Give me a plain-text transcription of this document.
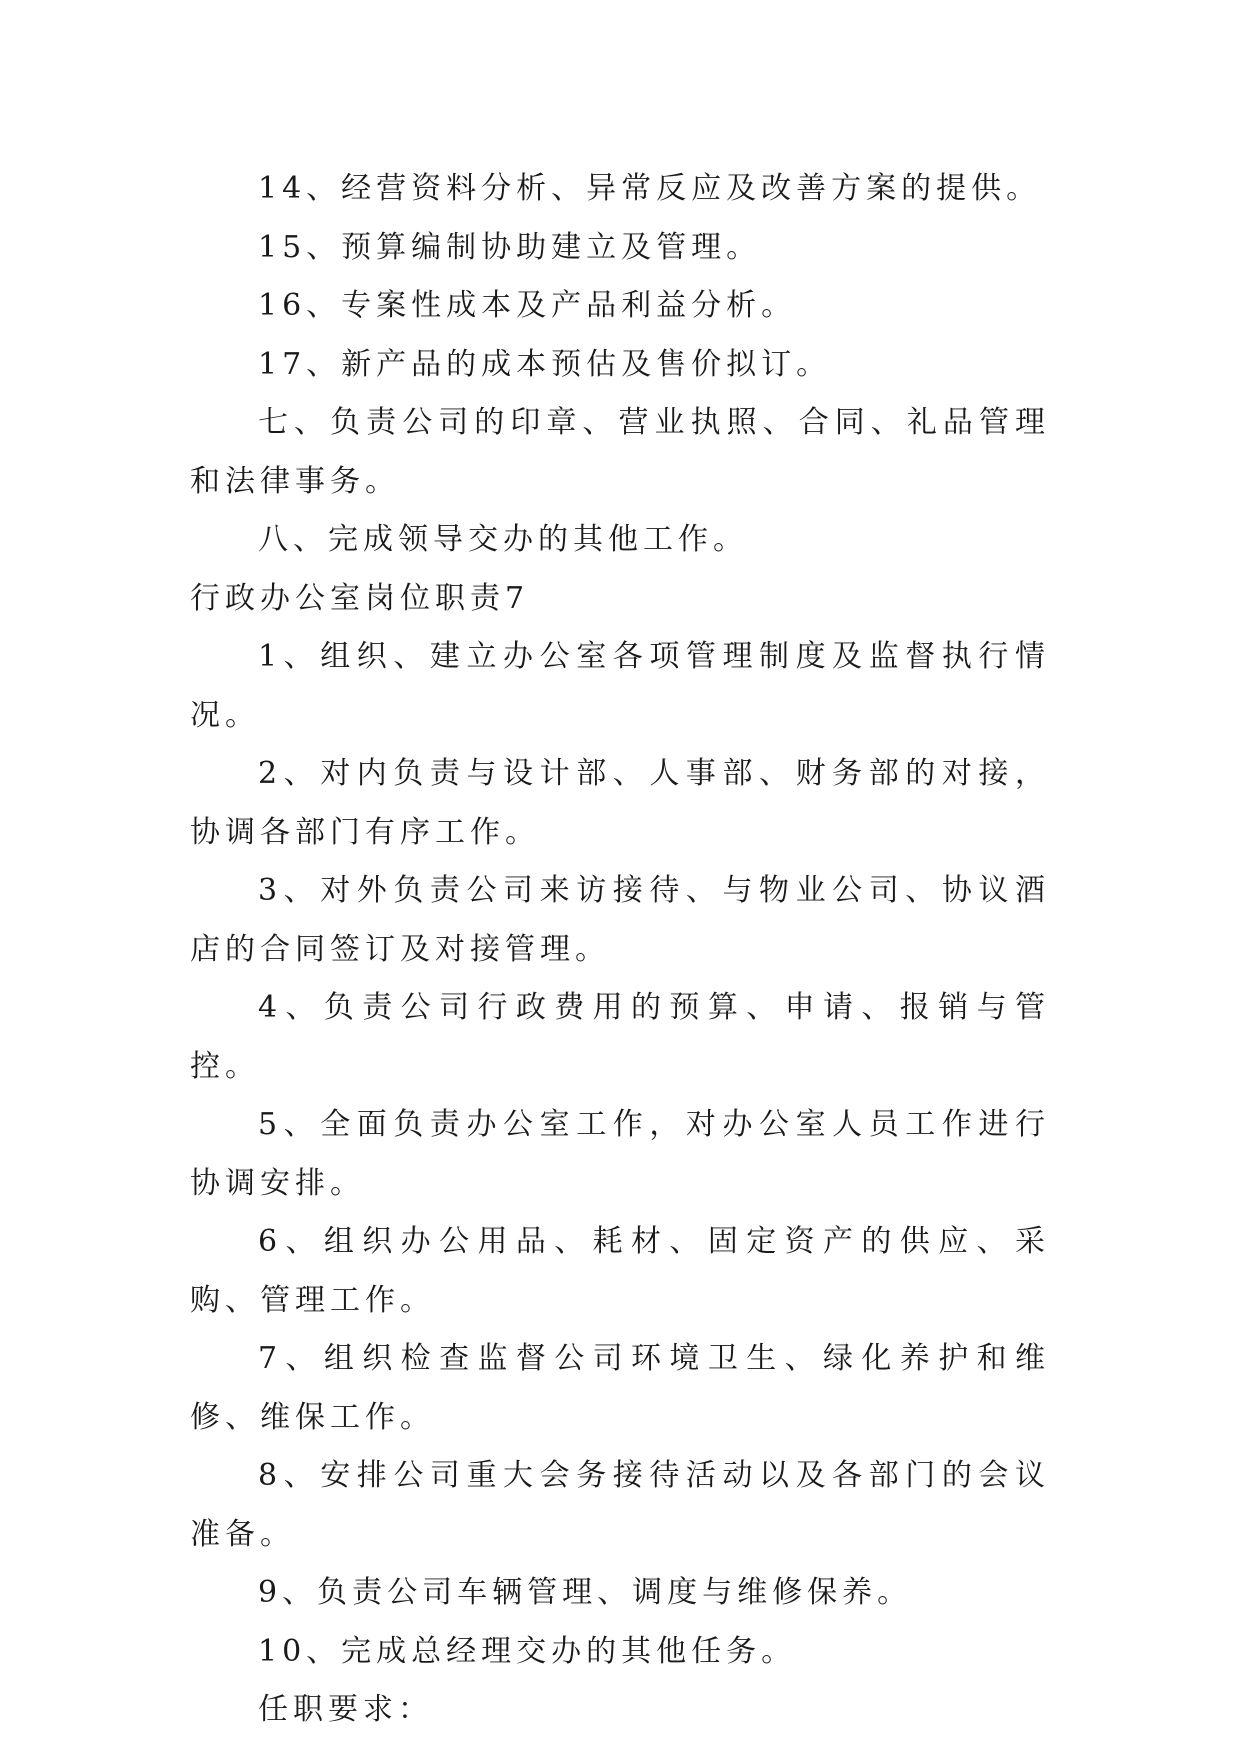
14、经营资料分析、异常反应及改善方案的提供。

15、预算编制协助建立及管理。

16、专案性成本及产品利益分析。

17、新产品的成本预估及售价拟订。

七、负责公司的印章、营业执照、合同、礼品管理和法律事务。

八、完成领导交办的其他工作。

行政办公室岗位职责7

1、组织、建立办公室各项管理制度及监督执行情况。

2、对内负责与设计部、人事部、财务部的对接，协调各部门有序工作。

3、对外负责公司来访接待、与物业公司、协议酒店的合同签订及对接管理。

4、负责公司行政费用的预算、申请、报销与管控。

5、全面负责办公室工作，对办公室人员工作进行协调安排。

6、组织办公用品、耗材、固定资产的供应、采购、管理工作。

7、组织检查监督公司环境卫生、绿化养护和维修、维保工作。

8、安排公司重大会务接待活动以及各部门的会议准备。

9、负责公司车辆管理、调度与维修保养。

10、完成总经理交办的其他任务。

任职要求：
